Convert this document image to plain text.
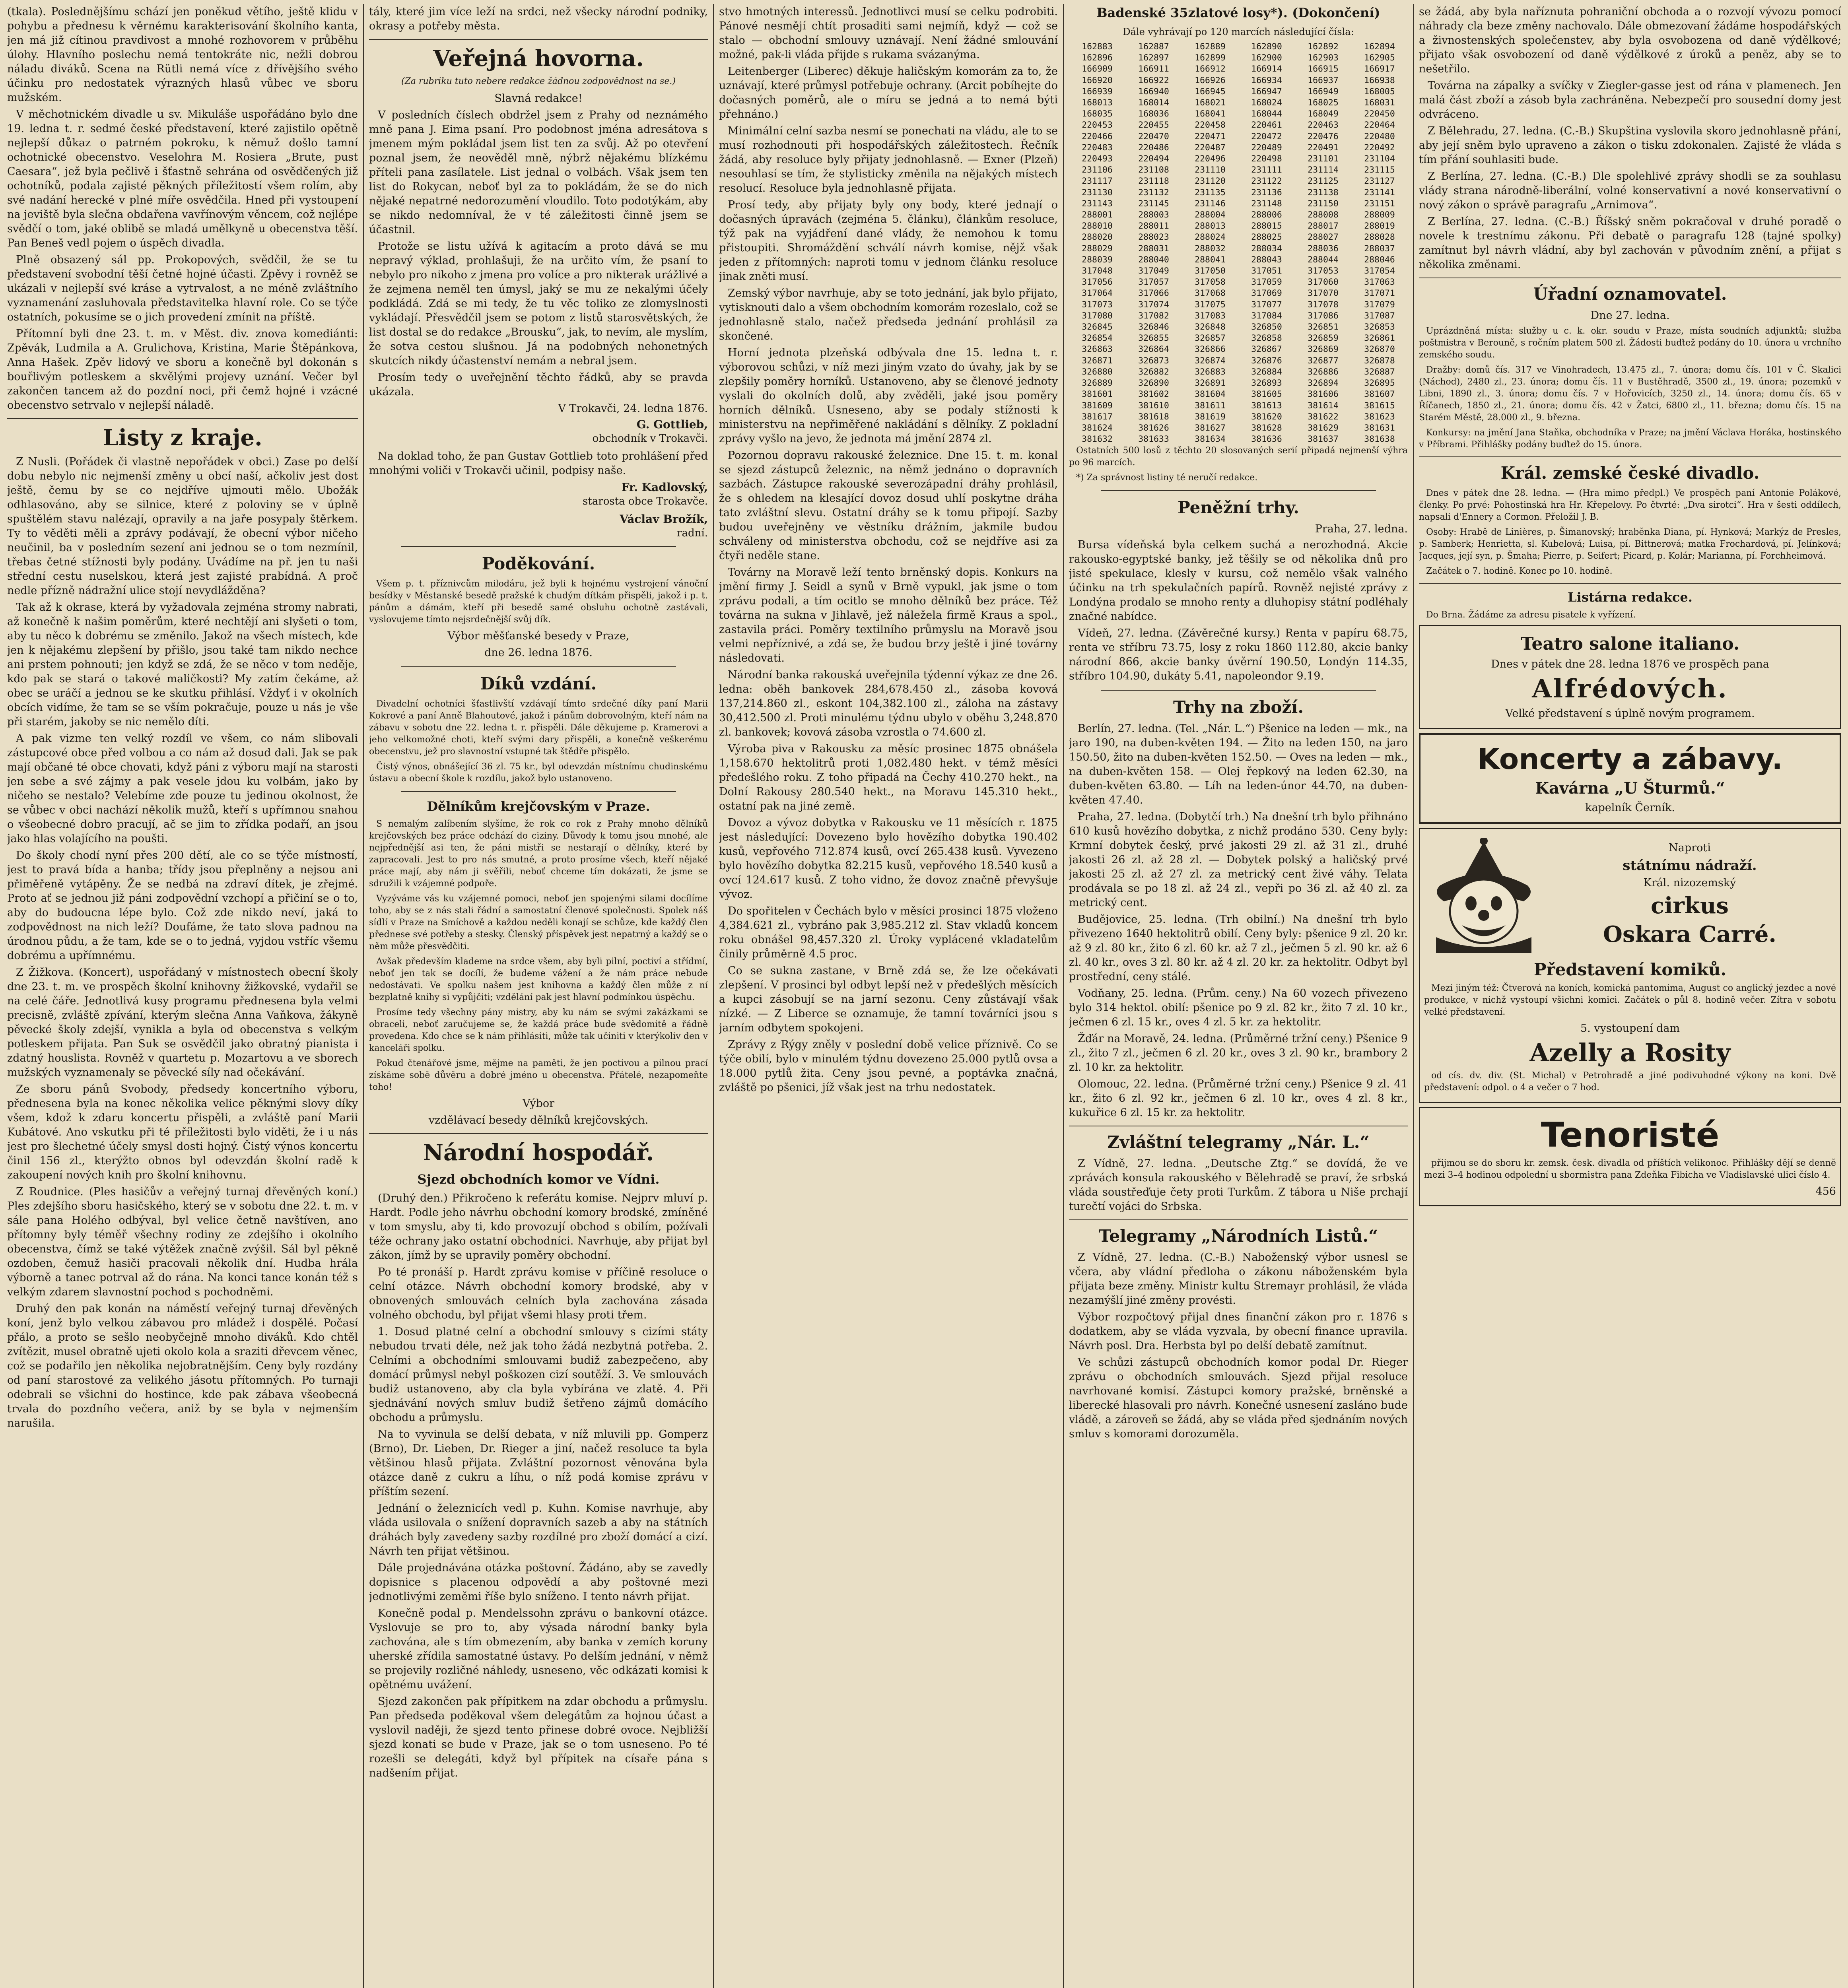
(tkala). Poslednějšímu schází jen poněkud větího, ještě klidu v pohybu a přednesu k věrnému karakterisování školního kanta, jen má již cítinou pravdivost a mnohé rozhovorem v průběhu úlohy. Hlavního poslechu nemá tentokráte nic, nežli dobrou náladu diváků. Scena na Rütli nemá více z dřívějšího svého účinku pro nedostatek výrazných hlasů vůbec ve sboru mužském.

V měchotnickém divadle u sv. Mikuláše uspořádáno bylo dne 19. ledna t. r. sedmé české představení, které zajistilo opětně nejlepší důkaz o patrném pokroku, k němuž došlo tamní ochotnické obecenstvo. Veselohra M. Rosiera „Brute, pust Caesara“, jež byla pečlivě i šťastně sehrána od osvědčených již ochotníků, podala zajisté pěkných příležitostí všem rolím, aby své nadání herecké v plné míře osvědčila. Hned při vystoupení na jeviště byla slečna obdařena vavřínovým věncem, což nejlépe svědčí o tom, jaké oblibě se mladá umělkyně u obecenstva těší. Pan Beneš vedl pojem o úspěch divadla.

Plně obsazený sál pp. Prokopových, svědčil, že se tu představení svobodní těší četné hojné účasti. Zpěvy i rovněž se ukázali v nejlepší své kráse a vytrvalost, a ne méně zvláštního vyznamenání zasluhovala představitelka hlavní role. Co se týče ostatních, pokusíme se o jich provedení zmínit na příště.

Přítomní byli dne 23. t. m. v Měst. div. znova komediánti: Zpěvák, Ludmila a A. Grulichova, Kristina, Marie Štěpánkova, Anna Hašek. Zpěv lidový ve sboru a konečně byl dokonán s bouřlivým potleskem a skvělými projevy uznání. Večer byl zakončen tancem až do pozdní noci, při čemž hojné i vzácné obecenstvo setrvalo v nejlepší náladě.

Listy z kraje.

Z Nusli. (Pořádek či vlastně nepořádek v obci.) Zase po delší dobu nebylo nic nejmenší změny u obcí naší, ačkoliv jest dost ještě, čemu by se co nejdříve ujmouti mělo. Ubožák odhlasováno, aby se silnice, které z poloviny se v úplně spuštělém stavu nalézají, opravily a na jaře posypaly štěrkem. Ty to věděti měli a zprávy podávají, že obecní výbor ničeho neučinil, ba v posledním sezení ani jednou se o tom nezmínil, třebas četné stížnosti byly podány. Uvádíme na př. jen tu naši střední cestu nuselskou, která jest zajisté prabídná. A proč nedle přízně nádražní ulice stojí nevydlážděna?

Tak až k okrase, která by vyžadovala zejména stromy nabrati, až konečně k našim poměrům, které nechtějí ani slyšeti o tom, aby tu něco k dobrému se změnilo. Jakož na všech místech, kde jen k nějakému zlepšení by přišlo, jsou také tam nikdo nechce ani prstem pohnouti; jen když se zdá, že se něco v tom neděje, kdo pak se stará o takové maličkosti? My zatím čekáme, až obec se uráčí a jednou se ke skutku přihlásí. Vždyť i v okolních obcích vidíme, že tam se se vším pokračuje, pouze u nás je vše při starém, jakoby se nic nemělo díti.

A pak vizme ten velký rozdíl ve všem, co nám slibovali zástupcové obce před volbou a co nám až dosud dali. Jak se pak mají občané té obce chovati, když páni z výboru mají na starosti jen sebe a své zájmy a pak vesele jdou ku volbám, jako by ničeho se nestalo? Velebíme zde pouze tu jedinou okolnost, že se vůbec v obci nachází několik mužů, kteří s upřímnou snahou o všeobecné dobro pracují, ač se jim to zřídka podaří, an jsou jako hlas volajícího na poušti.

Do školy chodí nyní přes 200 dětí, ale co se týče místností, jest to pravá bída a hanba; třídy jsou přeplněny a nejsou ani přiměřeně vytápěny. Že se nedbá na zdraví dítek, je zřejmé. Proto ať se jednou již páni zodpovědní vzchopí a přičiní se o to, aby do budoucna lépe bylo. Což zde nikdo neví, jaká to zodpovědnost na nich leží? Doufáme, že tato slova padnou na úrodnou půdu, a že tam, kde se o to jedná, vyjdou vstříc všemu dobrému a upřímnému.

Z Žižkova. (Koncert), uspořádaný v místnostech obecní školy dne 23. t. m. ve prospěch školní knihovny žižkovské, vydařil se na celé čáře. Jednotlivá kusy programu přednesena byla velmi precisně, zvláště zpívání, kterým slečna Anna Vaňkova, žákyně pěvecké školy zdejší, vynikla a byla od obecenstva s velkým potleskem přijata. Pan Suk se osvědčil jako obratný pianista i zdatný houslista. Rovněž v quartetu p. Mozartovu a ve sborech mužských vyznamenaly se pěvecké síly nad očekávání.

Ze sboru pánů Svobody, předsedy koncertního výboru, přednesena byla na konec několika velice pěknými slovy díky všem, kdož k zdaru koncertu přispěli, a zvláště paní Marii Kubátové. Ano vskutku při té příležitosti bylo viděti, že i u nás jest pro šlechetné účely smysl dosti hojný. Čistý výnos koncertu činil 156 zl., kterýžto obnos byl odevzdán školní radě k zakoupení nových knih pro školní knihovnu.

Z Roudnice. (Ples hasičův a veřejný turnaj dřevěných koní.) Ples zdejšího sboru hasičského, který se v sobotu dne 22. t. m. v sále pana Holého odbýval, byl velice četně navštíven, ano přítomny byly téměř všechny rodiny ze zdejšího i okolního obecenstva, čímž se také výtěžek značně zvýšil. Sál byl pěkně ozdoben, čemuž hasiči pracovali několik dní. Hudba hrála výborně a tanec potrval až do rána. Na konci tance konán též s velkým zdarem slavnostní pochod s pochodněmi.

Druhý den pak konán na náměstí veřejný turnaj dřevěných koní, jenž bylo velkou zábavou pro mládež i dospělé. Počasí přálo, a proto se sešlo neobyčejně mnoho diváků. Kdo chtěl zvítězit, musel obratně ujeti okolo kola a sraziti dřevcem věnec, což se podařilo jen několika nejobratnějším. Ceny byly rozdány od paní starostové za velikého jásotu přítomných. Po turnaji odebrali se všichni do hostince, kde pak zábava všeobecná trvala do pozdního večera, aniž by se byla v nejmenším narušila.

tály, které jim více leží na srdci, než všecky národní podniky, okrasy a potřeby města.

Veřejná hovorna.
(Za rubriku tuto nebere redakce žádnou zodpovědnost na se.)
Slavná redakce!

V posledních číslech obdržel jsem z Prahy od neznámého mně pana J. Eima psaní. Pro podobnost jména adresátova s jmenem mým pokládal jsem list ten za svůj. Až po otevření poznal jsem, že neověděl mně, nýbrž nějakému blízkému příteli pana zasílatele. List jednal o volbách. Však jsem ten list do Rokycan, neboť byl za to pokládám, že se do nich nějaké nepatrné nedorozumění vloudilo. Toto podotýkám, aby se nikdo nedomníval, že v té záležitosti činně jsem se účastnil.

Protože se listu užívá k agitacím a proto dává se mu nepravý výklad, prohlašuji, že na určito vím, že psaní to nebylo pro nikoho z jmena pro volíce a pro nikterak urážlivé a že zejmena neměl ten úmysl, jaký se mu ze nekalými účely podkládá. Zdá se mi tedy, že tu věc toliko ze zlomyslnosti vykládají. Přesvědčil jsem se potom z listů starosvětských, že list dostal se do redakce „Brousku“, jak, to nevím, ale myslím, že sotva cestou slušnou. Já na podobných nehonetných skutcích nikdy účastenství nemám a nebral jsem.

Prosím tedy o uveřejnění těchto řádků, aby se pravda ukázala.

V Trokavči, 24. ledna 1876.
G. Gottlieb,
obchodník v Trokavči.

Na doklad toho, že pan Gustav Gottlieb toto prohlášení před mnohými voliči v Trokavči učinil, podpisy naše.

Fr. Kadlovský,
starosta obce Trokavče.
Václav Brožík,
radní.
Poděkování.

Všem p. t. příznivcům milodáru, jež byli k hojnému vystrojení vánoční besídky v Městanské besedě pražské k chudým dítkám přispěli, jakož i p. t. pánům a dámám, kteří při besedě samé obsluhu ochotně zastávali, vyslovujeme tímto nejsrdečnější svůj dík.

Výbor měšťanské besedy v Praze,
dne 26. ledna 1876.
Díků vzdání.

Divadelní ochotníci šťastlivští vzdávají tímto srdečné díky paní Marii Kokrové a paní Anně Blahoutové, jakož i pánům dobrovolným, kteří nám na zábavu v sobotu dne 22. ledna t. r. přispěli. Dále děkujeme p. Kramerovi a jeho velkomožné choti, kteří svými dary přispěli, a konečně veškerému obecenstvu, jež pro slavnostní vstupné tak štědře přispělo.

Čistý výnos, obnášející 36 zl. 75 kr., byl odevzdán místnímu chudinskému ústavu a obecní škole k rozdílu, jakož bylo ustanoveno.

Dělníkům krejčovským v Praze.

S nemalým zalíbením slyšíme, že rok co rok z Prahy mnoho dělníků krejčovských bez práce odchází do ciziny. Důvody k tomu jsou mnohé, ale nejpřednější asi ten, že páni mistři se nestarají o dělníky, které by zapracovali. Jest to pro nás smutné, a proto prosíme všech, kteří nějaké práce mají, aby nám ji svěřili, neboť chceme tím dokázati, že jsme se sdružili k vzájemné podpoře.

Vyzýváme vás ku vzájemné pomoci, neboť jen spojenými silami docílíme toho, aby se z nás stali řádní a samostatní členové společnosti. Spolek náš sídlí v Praze na Smíchově a každou neděli konají se schůze, kde každý člen přednese své potřeby a stesky. Členský příspěvek jest nepatrný a každý se o něm může přesvědčiti.

Avšak především klademe na srdce všem, aby byli pilní, poctiví a střídmí, neboť jen tak se docílí, že budeme vážení a že nám práce nebude nedostávati. Ve spolku našem jest knihovna a každý člen může z ní bezplatně knihy si vypůjčiti; vzdělání pak jest hlavní podmínkou úspěchu.

Prosíme tedy všechny pány mistry, aby ku nám se svými zakázkami se obraceli, neboť zaručujeme se, že každá práce bude svědomitě a řádně provedena. Kdo chce se k nám přihlásiti, může tak učiniti v kterýkoliv den v kanceláři spolku.

Pokud čtenářové jsme, mějme na paměti, že jen poctivou a pilnou prací získáme sobě důvěru a dobré jméno u obecenstva. Přátelé, nezapomeňte toho!

Výbor
vzdělávací besedy dělníků krejčovských.
Národní hospodář.
Sjezd obchodních komor ve Vídni.

(Druhý den.) Přikročeno k referátu komise. Nejprv mluví p. Hardt. Podle jeho návrhu obchodní komory brodské, zmíněné v tom smyslu, aby ti, kdo provozují obchod s obilím, požívali téže ochrany jako ostatní obchodníci. Navrhuje, aby přijat byl zákon, jímž by se upravily poměry obchodní.

Po té pronáší p. Hardt zprávu komise v příčině resoluce o celní otázce. Návrh obchodní komory brodské, aby v obnovených smlouvách celních byla zachována zásada volného obchodu, byl přijat všemi hlasy proti třem.

1. Dosud platné celní a obchodní smlouvy s cizími státy nebudou trvati déle, než jak toho žádá nezbytná potřeba. 2. Celními a obchodními smlouvami budiž zabezpečeno, aby domácí průmysl nebyl poškozen cizí soutěží. 3. Ve smlouvách budiž ustanoveno, aby cla byla vybírána ve zlatě. 4. Při sjednávání nových smluv budiž šetřeno zájmů domácího obchodu a průmyslu.

Na to vyvinula se delší debata, v níž mluvili pp. Gomperz (Brno), Dr. Lieben, Dr. Rieger a jiní, načež resoluce ta byla většinou hlasů přijata. Zvláštní pozornost věnována byla otázce daně z cukru a líhu, o níž podá komise zprávu v příštím sezení.

Jednání o železnicích vedl p. Kuhn. Komise navrhuje, aby vláda usilovala o snížení dopravních sazeb a aby na státních dráhách byly zavedeny sazby rozdílné pro zboží domácí a cizí. Návrh ten přijat většinou.

Dále projednávána otázka poštovní. Žádáno, aby se zavedly dopisnice s placenou odpovědí a aby poštovné mezi jednotlivými zeměmi říše bylo sníženo. I tento návrh přijat.

Konečně podal p. Mendelssohn zprávu o bankovní otázce. Vyslovuje se pro to, aby výsada národní banky byla zachována, ale s tím obmezením, aby banka v zemích koruny uherské zřídila samostatné ústavy. Po delším jednání, v němž se projevily rozličné náhledy, usneseno, věc odkázati komisi k opětnému uvážení.

Sjezd zakončen pak přípitkem na zdar obchodu a průmyslu. Pan předseda poděkoval všem delegátům za hojnou účast a vyslovil naději, že sjezd tento přinese dobré ovoce. Nejbližší sjezd konati se bude v Praze, jak se o tom usneseno. Po té rozešli se delegáti, když byl přípitek na císaře pána s nadšením přijat.

stvo hmotných interessů. Jednotlivci musí se celku podrobiti. Pánové nesmějí chtít prosaditi sami nejmíň, když — což se stalo — obchodní smlouvy uznávají. Není žádné smlouvání možné, pak-li vláda přijde s rukama svázanýma.

Leitenberger (Liberec) děkuje haličským komorám za to, že uznávají, které průmysl potřebuje ochrany. (Arcit pobíhejte do dočasných poměrů, ale o míru se jedná a to nemá býti přehnáno.)

Minimální celní sazba nesmí se ponechati na vládu, ale to se musí rozhodnouti při hospodářských záležitostech. Řečník žádá, aby resoluce byly přijaty jednohlasně. — Exner (Plzeň) nesouhlasí se tím, že stylisticky změnila na nějakých místech resolucí. Resoluce byla jednohlasně přijata.

Prosí tedy, aby přijaty byly ony body, které jednají o dočasných úpravách (zejména 5. článku), článkům resoluce, týž pak na vyjádření dané vlády, že nemohou k tomu přistoupiti. Shromáždění schválí návrh komise, nějž však jeden z přítomných: naproti tomu v jednom článku resoluce jinak zněti musí.

Zemský výbor navrhuje, aby se toto jednání, jak bylo přijato, vytisknouti dalo a všem obchodním komorám rozeslalo, což se jednohlasně stalo, načež předseda jednání prohlásil za skončené.

Horní jednota plzeňská odbývala dne 15. ledna t. r. výborovou schůzi, v níž mezi jiným vzato do úvahy, jak by se zlepšily poměry horníků. Ustanoveno, aby se členové jednoty vyslali do okolních dolů, aby zvěděli, jaké jsou poměry horních dělníků. Usneseno, aby se podaly stížnosti k ministerstvu na nepřiměřené nakládání s dělníky. Z pokladní zprávy vyšlo na jevo, že jednota má jmění 2874 zl.

Pozornou dopravu rakouské železnice. Dne 15. t. m. konal se sjezd zástupců železnic, na němž jednáno o dopravních sazbách. Zástupce rakouské severozápadní dráhy prohlásil, že s ohledem na klesající dovoz dosud uhlí poskytne dráha tato zvláštní slevu. Ostatní dráhy se k tomu připojí. Sazby budou uveřejněny ve věstníku drážním, jakmile budou schváleny od ministerstva obchodu, což se nejdříve asi za čtyři neděle stane.

Továrny na Moravě leží tento brněnský dopis. Konkurs na jmění firmy J. Seidl a synů v Brně vypukl, jak jsme o tom zprávu podali, a tím ocitlo se mnoho dělníků bez práce. Též továrna na sukna v Jihlavě, jež náležela firmě Kraus a spol., zastavila práci. Poměry textilního průmyslu na Moravě jsou velmi nepříznivé, a zdá se, že budou brzy ještě i jiné továrny následovati.

Národní banka rakouská uveřejnila týdenní výkaz ze dne 26. ledna: oběh bankovek 284,678.450 zl., zásoba kovová 137,214.860 zl., eskont 104,382.100 zl., záloha na zástavy 30,412.500 zl. Proti minulému týdnu ubylo v oběhu 3,248.870 zl. bankovek; kovová zásoba vzrostla o 74.600 zl.

Výroba piva v Rakousku za měsíc prosinec 1875 obnášela 1,158.670 hektolitrů proti 1,082.480 hekt. v témž měsíci předešlého roku. Z toho připadá na Čechy 410.270 hekt., na Dolní Rakousy 280.540 hekt., na Moravu 145.310 hekt., ostatní pak na jiné země.

Dovoz a vývoz dobytka v Rakousku ve 11 měsících r. 1875 jest následující: Dovezeno bylo hovězího dobytka 190.402 kusů, vepřového 712.874 kusů, ovcí 265.438 kusů. Vyvezeno bylo hovězího dobytka 82.215 kusů, vepřového 18.540 kusů a ovcí 124.617 kusů. Z toho vidno, že dovoz značně převyšuje vývoz.

Do spořitelen v Čechách bylo v měsíci prosinci 1875 vloženo 4,384.621 zl., vybráno pak 3,985.212 zl. Stav vkladů koncem roku obnášel 98,457.320 zl. Úroky vyplácené vkladatelům činily průměrně 4.5 proc.

Co se sukna zastane, v Brně zdá se, že lze očekávati zlepšení. V prosinci byl odbyt lepší než v předešlých měsících a kupci zásobují se na jarní sezonu. Ceny zůstávají však nízké. — Z Liberce se oznamuje, že tamní továrníci jsou s jarním odbytem spokojeni.

Zprávy z Rýgy zněly v poslední době velice příznivě. Co se týče obilí, bylo v minulém týdnu dovezeno 25.000 pytlů ovsa a 18.000 pytlů žita. Ceny jsou pevné, a poptávka značná, zvláště po pšenici, jíž však jest na trhu nedostatek.

Badenské 35zlatové losy*). (Dokončení)
Dále vyhrávají po 120 marcích následující čísla:
162883	162887	162889	162890	162892	162894
162896	162897	162899	162900	162903	162905
166909	166911	166912	166914	166915	166917
166920	166922	166926	166934	166937	166938
166939	166940	166945	166947	166949	168005
168013	168014	168021	168024	168025	168031
168035	168036	168041	168044	168049	220450
220453	220455	220458	220461	220463	220464
220466	220470	220471	220472	220476	220480
220483	220486	220487	220489	220491	220492
220493	220494	220496	220498	231101	231104
231106	231108	231110	231111	231114	231115
231117	231118	231120	231122	231125	231127
231130	231132	231135	231136	231138	231141
231143	231145	231146	231148	231150	231151
288001	288003	288004	288006	288008	288009
288010	288011	288013	288015	288017	288019
288020	288023	288024	288025	288027	288028
288029	288031	288032	288034	288036	288037
288039	288040	288041	288043	288044	288046
317048	317049	317050	317051	317053	317054
317056	317057	317058	317059	317060	317063
317064	317066	317068	317069	317070	317071
317073	317074	317075	317077	317078	317079
317080	317082	317083	317084	317086	317087
326845	326846	326848	326850	326851	326853
326854	326855	326857	326858	326859	326861
326863	326864	326866	326867	326869	326870
326871	326873	326874	326876	326877	326878
326880	326882	326883	326884	326886	326887
326889	326890	326891	326893	326894	326895
381601	381602	381604	381605	381606	381607
381609	381610	381611	381613	381614	381615
381617	381618	381619	381620	381622	381623
381624	381626	381627	381628	381629	381631
381632	381633	381634	381636	381637	381638

Ostatních 500 losů z těchto 20 slosovaných serií připadá nejmenší výhra po 96 marcích.

*) Za správnost listiny té neručí redakce.

Peněžní trhy.
Praha, 27. ledna.

Bursa vídeňská byla celkem suchá a nerozhodná. Akcie rakousko-egyptské banky, jež těšily se od několika dnů pro jisté spekulace, klesly v kursu, což nemělo však valného účinku na trh spekulačních papírů. Rovněž nejisté zprávy z Londýna prodalo se mnoho renty a dluhopisy státní podléhaly značné nabídce.

Vídeň, 27. ledna. (Závěrečné kursy.) Renta v papíru 68.75, renta ve stříbru 73.75, losy z roku 1860 112.80, akcie banky národní 866, akcie banky úvěrní 190.50, Londýn 114.35, stříbro 104.90, dukáty 5.41, napoleondor 9.19.

Trhy na zboží.

Berlín, 27. ledna. (Tel. „Nár. L.“) Pšenice na leden — mk., na jaro 190, na duben-květen 194. — Žito na leden 150, na jaro 150.50, žito na duben-květen 152.50. — Oves na leden — mk., na duben-květen 158. — Olej řepkový na leden 62.30, na duben-květen 63.80. — Líh na leden-únor 44.70, na duben-květen 47.40.

Praha, 27. ledna. (Dobytčí trh.) Na dnešní trh bylo přihnáno 610 kusů hovězího dobytka, z nichž prodáno 530. Ceny byly: Krmní dobytek český, prvé jakosti 29 zl. až 31 zl., druhé jakosti 26 zl. až 28 zl. — Dobytek polský a haličský prvé jakosti 25 zl. až 27 zl. za metrický cent živé váhy. Telata prodávala se po 18 zl. až 24 zl., vepři po 36 zl. až 40 zl. za metrický cent.

Budějovice, 25. ledna. (Trh obilní.) Na dnešní trh bylo přivezeno 1640 hektolitrů obilí. Ceny byly: pšenice 9 zl. 20 kr. až 9 zl. 80 kr., žito 6 zl. 60 kr. až 7 zl., ječmen 5 zl. 90 kr. až 6 zl. 40 kr., oves 3 zl. 80 kr. až 4 zl. 20 kr. za hektolitr. Odbyt byl prostřední, ceny stálé.

Vodňany, 25. ledna. (Prům. ceny.) Na 60 vozech přivezeno bylo 314 hektol. obilí: pšenice po 9 zl. 82 kr., žito 7 zl. 10 kr., ječmen 6 zl. 15 kr., oves 4 zl. 5 kr. za hektolitr.

Žďár na Moravě, 24. ledna. (Průměrné tržní ceny.) Pšenice 9 zl., žito 7 zl., ječmen 6 zl. 20 kr., oves 3 zl. 90 kr., brambory 2 zl. 10 kr. za hektolitr.

Olomouc, 22. ledna. (Průměrné tržní ceny.) Pšenice 9 zl. 41 kr., žito 6 zl. 92 kr., ječmen 6 zl. 10 kr., oves 4 zl. 8 kr., kukuřice 6 zl. 15 kr. za hektolitr.

Zvláštní telegramy „Nár. L.“

Z Vídně, 27. ledna. „Deutsche Ztg.“ se dovídá, že ve zprávách konsula rakouského v Bělehradě se praví, že srbská vláda soustřeďuje čety proti Turkům. Z tábora u Niše prchají turečtí vojáci do Srbska.

Telegramy „Národních Listů.“

Z Vídně, 27. ledna. (C.-B.) Naboženský výbor usnesl se včera, aby vládní předloha o zákonu náboženském byla přijata beze změny. Ministr kultu Stremayr prohlásil, že vláda nezamýšlí jiné změny provésti.

Výbor rozpočtový přijal dnes finanční zákon pro r. 1876 s dodatkem, aby se vláda vyzvala, by obecní finance upravila. Návrh posl. Dra. Herbsta byl po delší debatě zamítnut.

Ve schůzi zástupců obchodních komor podal Dr. Rieger zprávu o obchodních smlouvách. Sjezd přijal resoluce navrhované komisí. Zástupci komory pražské, brněnské a liberecké hlasovali pro návrh. Konečné usnesení zasláno bude vládě, a zároveň se žádá, aby se vláda před sjednáním nových smluv s komorami dorozuměla.

se žádá, aby byla naříznuta pohraniční obchoda a o rozvojí vývozu pomocí náhrady cla beze změny nachovalo. Dále obmezovaní žádáme hospodářských a živnostenských společenstev, aby byla osvobozena od daně výdělkové; přijato však osvobození od daně výdělkové z úroků a peněz, aby se to nešetřilo.

Továrna na zápalky a svíčky v Ziegler-gasse jest od rána v plamenech. Jen malá část zboží a zásob byla zachráněna. Nebezpečí pro sousední domy jest odvráceno.

Z Bělehradu, 27. ledna. (C.-B.) Skupština vyslovila skoro jednohlasně přání, aby její sněm bylo upraveno a zákon o tisku zdokonalen. Zajisté že vláda s tím přání souhlasiti bude.

Z Berlína, 27. ledna. (C.-B.) Dle spolehlivé zprávy shodli se za souhlasu vlády strana národně-liberální, volné konservativní a nové konservativní o nový zákon o správě paragrafu „Arnimova“.

Z Berlína, 27. ledna. (C.-B.) Říšský sněm pokračoval v druhé poradě o novele k trestnímu zákonu. Při debatě o paragrafu 128 (tajné spolky) zamítnut byl návrh vládní, aby byl zachován v původním znění, a přijat s několika změnami.

Úřadní oznamovatel.
Dne 27. ledna.

Uprázdněná místa: služby u c. k. okr. soudu v Praze, místa soudních adjunktů; služba poštmistra v Berouně, s ročním platem 500 zl. Žádosti buďtež podány do 10. února u vrchního zemského soudu.

Dražby: domů čís. 317 ve Vinohradech, 13.475 zl., 7. února; domu čís. 101 v Č. Skalici (Náchod), 2480 zl., 23. února; domu čís. 11 v Bustěhradě, 3500 zl., 19. února; pozemků v Libni, 1890 zl., 3. února; domu čís. 7 v Hořovicích, 3250 zl., 14. února; domu čís. 65 v Říčanech, 1850 zl., 21. února; domu čís. 42 v Žatci, 6800 zl., 11. března; domu čís. 15 na Starém Městě, 28.000 zl., 9. března.

Konkursy: na jmění Jana Staňka, obchodníka v Praze; na jmění Václava Horáka, hostinského v Příbrami. Přihlášky podány buďtež do 15. února.

Král. zemské české divadlo.

Dnes v pátek dne 28. ledna. — (Hra mimo předpl.) Ve prospěch paní Antonie Polákové, členky. Po prvé: Pohostinská hra Hr. Křepelovy. Po čtvrté: „Dva sirotci“. Hra v šesti oddílech, napsali d'Ennery a Cormon. Přeložil J. B.

Osoby: Hrabě de Linières, p. Šimanovský; hraběnka Diana, pí. Hynková; Markýz de Presles, p. Samberk; Henrietta, sl. Kubelová; Luisa, pí. Bittnerová; matka Frochardová, pí. Jelínková; Jacques, její syn, p. Šmaha; Pierre, p. Seifert; Picard, p. Kolár; Marianna, pí. Forchheimová.

Začátek o 7. hodině. Konec po 10. hodině.

Listárna redakce.

Do Brna. Žádáme za adresu pisatele k vyřízení.

Teatro salone italiano.
Dnes v pátek dne 28. ledna 1876 ve prospěch pana
Alfrédových.
Velké představení s úplně novým programem.
Koncerty a zábavy.
Kavárna „U Šturmů.“
kapelník Černík.
Naproti
státnímu nádraží.
Král. nizozemský
cirkus
Oskara Carré.
Představení komiků.

Mezi jiným též: Čtverová na koních, komická pantomima, August co anglický jezdec a nové produkce, v nichž vystoupí všichni komici. Začátek o půl 8. hodině večer. Zítra v sobotu velké představení.

5. vystoupení dam
Azelly a Rosity

od cís. dv. div. (St. Michal) v Petrohradě a jiné podivuhodné výkony na koni. Dvě představení: odpol. o 4 a večer o 7 hod.

Tenoristé

přijmou se do sboru kr. zemsk. česk. divadla od příštích velikonoc. Přihlášky dějí se denně mezi 3–4 hodinou odpolední u sbormistra pana Zdeňka Fibicha ve Vladislavské ulici číslo 4.

456
